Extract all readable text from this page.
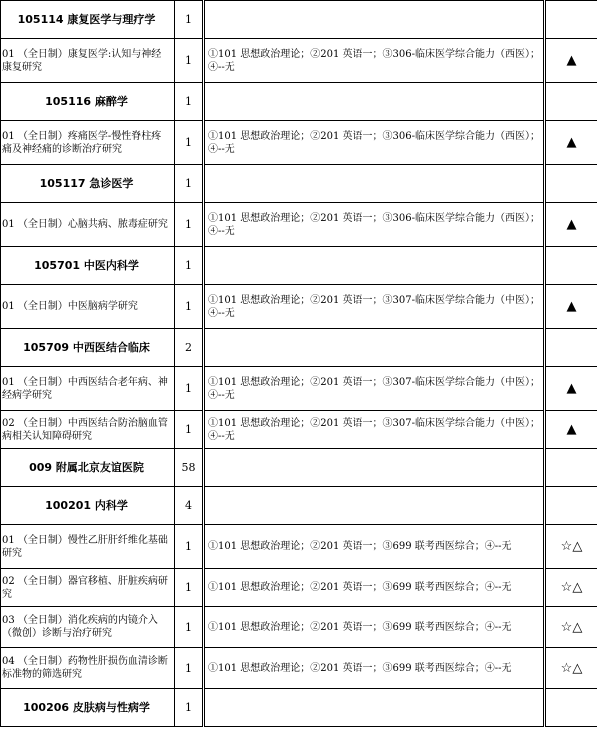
105114 康复医学与理疗学	1		
01 （全日制）康复医学:认知与神经康复研究	1	①101 思想政治理论；②201 英语一；③306-临床医学综合能力（西医）；④--无	▲
105116 麻醉学	1		
01 （全日制）疼痛医学-慢性脊柱疼痛及神经痛的诊断治疗研究	1	①101 思想政治理论；②201 英语一；③306-临床医学综合能力（西医）；④--无	▲
105117 急诊医学	1		
01 （全日制）心脑共病、脓毒症研究	1	①101 思想政治理论；②201 英语一；③306-临床医学综合能力（西医）；④--无	▲
105701 中医内科学	1		
01 （全日制）中医脑病学研究	1	①101 思想政治理论；②201 英语一；③307-临床医学综合能力（中医）；④--无	▲
105709 中西医结合临床	2		
01 （全日制）中西医结合老年病、神经病学研究	1	①101 思想政治理论；②201 英语一；③307-临床医学综合能力（中医）；④--无	▲
02 （全日制）中西医结合防治脑血管病相关认知障碍研究	1	①101 思想政治理论；②201 英语一；③307-临床医学综合能力（中医）；④--无	▲
009 附属北京友谊医院	58		
100201 内科学	4		
01 （全日制）慢性乙肝肝纤维化基础研究	1	①101 思想政治理论；②201 英语一；③699 联考西医综合；④--无	☆△
02 （全日制）器官移植、肝脏疾病研究	1	①101 思想政治理论；②201 英语一；③699 联考西医综合；④--无	☆△
03 （全日制）消化疾病的内镜介入（微创）诊断与治疗研究	1	①101 思想政治理论；②201 英语一；③699 联考西医综合；④--无	☆△
04 （全日制）药物性肝损伤血清诊断标准物的筛选研究	1	①101 思想政治理论；②201 英语一；③699 联考西医综合；④--无	☆△
100206 皮肤病与性病学	1		
